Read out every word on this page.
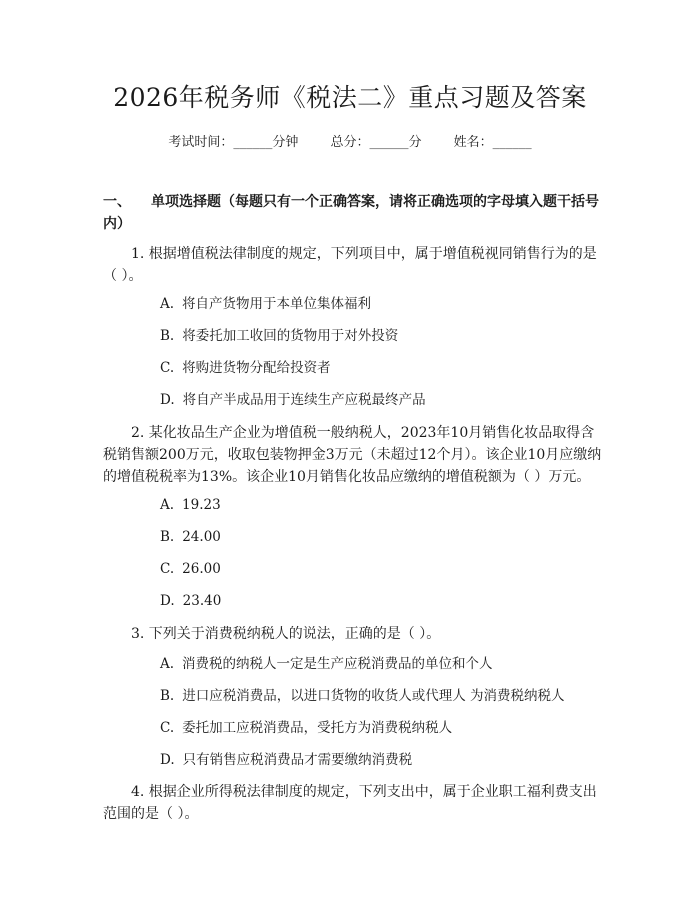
2026年税务师《税法二》重点习题及答案
考试时间：______分钟 总分：______分 姓名：______
一、 单项选择题（每题只有一个正确答案，请将正确选项的字母填入题干括号内）
1. 根据增值税法律制度的规定，下列项目中，属于增值税视同销售行为的是（ ）。
A. 将自产货物用于本单位集体福利
B. 将委托加工收回的货物用于对外投资
C. 将购进货物分配给投资者
D. 将自产半成品用于连续生产应税最终产品
2. 某化妆品生产企业为增值税一般纳税人，2023年10月销售化妆品取得含税销售额200万元，收取包装物押金3万元（未超过12个月）。该企业10月应缴纳的增值税税率为13%。该企业10月销售化妆品应缴纳的增值税额为（ ）万元。
A. 19.23
B. 24.00
C. 26.00
D. 23.40
3. 下列关于消费税纳税人的说法，正确的是（ ）。
A. 消费税的纳税人一定是生产应税消费品的单位和个人
B. 进口应税消费品，以进口货物的收货人或代理人 为消费税纳税人
C. 委托加工应税消费品，受托方为消费税纳税人
D. 只有销售应税消费品才需要缴纳消费税
4. 根据企业所得税法律制度的规定，下列支出中，属于企业职工福利费支出范围的是（ ）。
